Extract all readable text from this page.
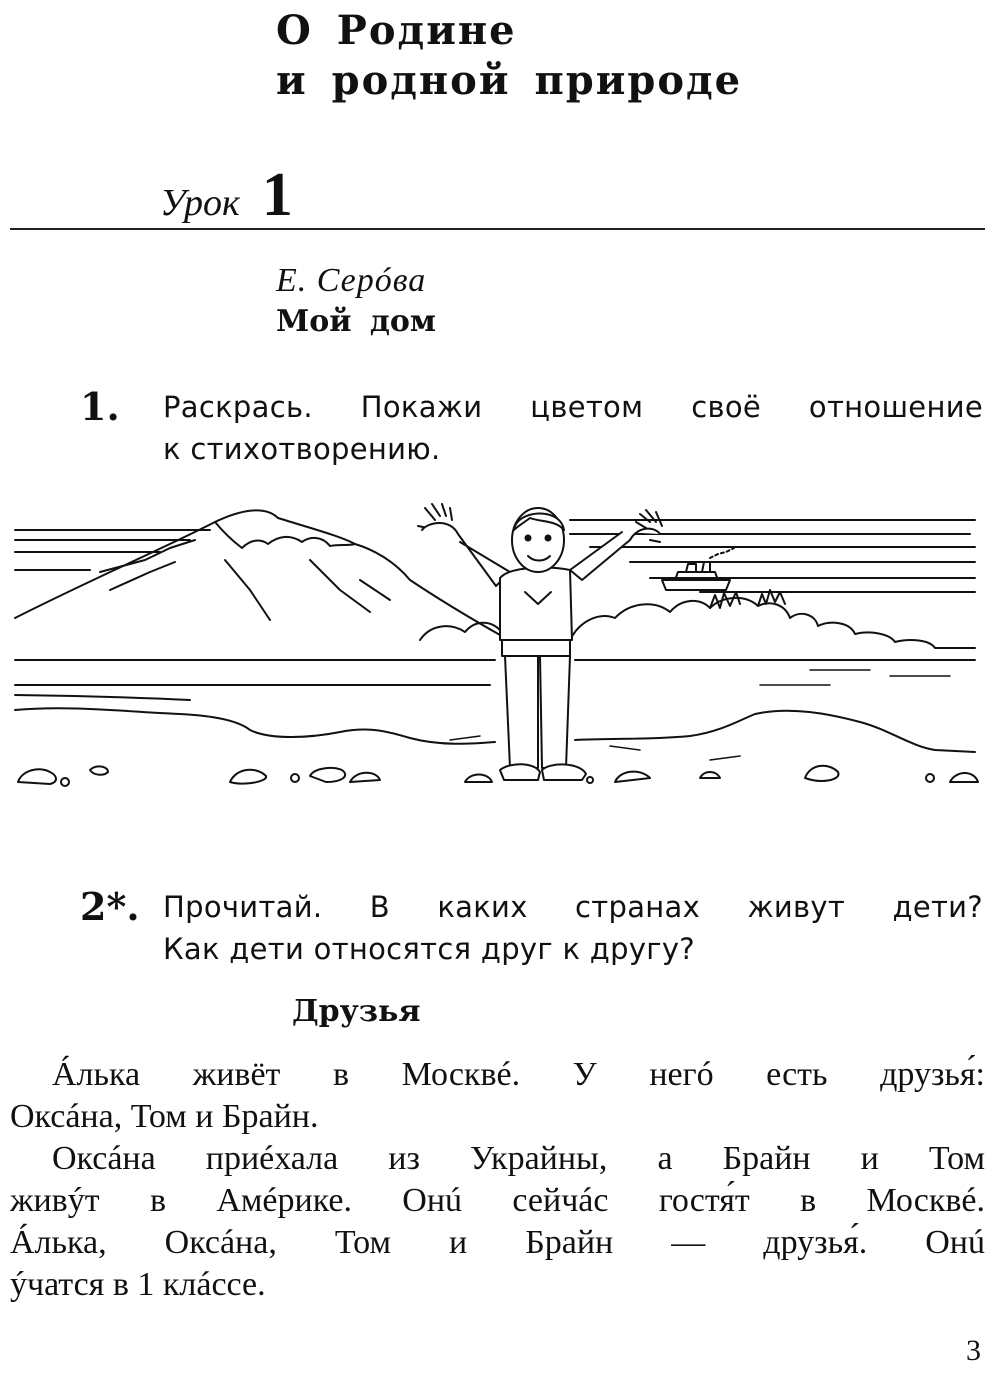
О Родине
и родной природе
Урок 1
Е. Серóва
Мой дом
1. Раскрась. Покажи цветом своё отношение
к стихотворению.
2*. Прочитай. В каких странах живут дети?
Как дети относятся друг к другу?
Друзья

Áлька живёт в Москвé. У негó есть друзья́:

Оксáна, Том и Брайн.

Оксáна приéхала из Украйны, а Брайн и Том

живýт в Амéрике. Онú сейчáс гостя́т в Москвé.

Áлька, Оксáна, Том и Брайн — друзья́. Онú

ýчатся в 1 клáссе.

3
